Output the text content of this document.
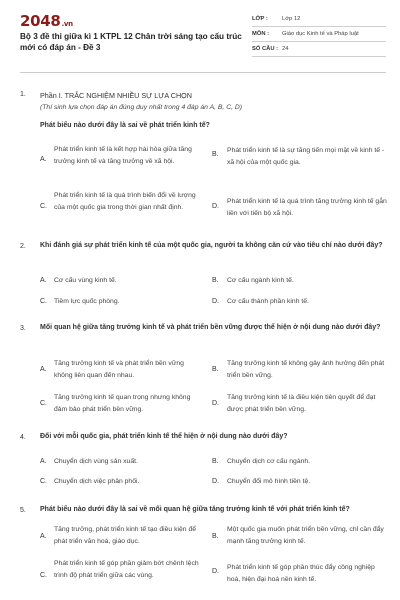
2048.vn
Bộ 3 đề thi giữa kì 1 KTPL 12 Chân trời sáng tạo cấu trúc mới có đáp án - Đề 3
LỚP :	Lớp 12
MÔN :	Giáo dục Kinh tế và Pháp luật
SỐ CÂU : 24
1. Phần I. TRẮC NGHIỆM NHIỀU SỰ LỰA CHỌN
(Thí sinh lựa chọn đáp án đúng duy nhất trong 4 đáp án A, B, C, D)
Phát biểu nào dưới đây là sai về phát triển kinh tế?
A.
Phát triển kinh tế là kết hợp hài hòa giữa tăng trưởng kinh tế và tăng trưởng về xã hội.
B.
Phát triển kinh tế là sự tăng tiến mọi mặt về kinh tế - xã hội của một quốc gia.
C.
Phát triển kinh tế là quá trình biến đổi về lượng của một quốc gia trong thời gian nhất định.	D.
Phát triển kinh tế là quá trình tăng trưởng kinh tế gắn liền với tiến bộ xã hội.
2. Khi đánh giá sự phát triển kinh tế của một quốc gia, người ta không căn cứ vào tiêu chí nào dưới đây?
A. Cơ cấu vùng kinh tế.	B. Cơ cấu ngành kinh tế.
C. Tiềm lực quốc phòng.	D. Cơ cấu thành phần kinh tế.
3. Mối quan hệ giữa tăng trưởng kinh tế và phát triển bền vững được thể hiện ở nội dung nào dưới đây?
A.
Tăng trưởng kinh tế và phát triển bền vững không liên quan đến nhau.
B.
Tăng trưởng kinh tế không gây ảnh hưởng đến phát triển bền vững.
C.
Tăng trưởng kinh tế quan trọng nhưng không đảm bảo phát triển bền vững.
D.
Tăng trưởng kinh tế là điều kiện tiên quyết để đạt được phát triển bền vững.
4. Đối với mỗi quốc gia, phát triển kinh tế thể hiện ở nội dung nào dưới đây?
A. Chuyển dịch vùng sản xuất.	B. Chuyển dịch cơ cấu ngành.
C. Chuyển dịch việc phân phối.	D. Chuyển đổi mô hình tiền tệ.
5. Phát biểu nào dưới đây là sai về mối quan hệ giữa tăng trưởng kinh tế với phát triển kinh tế?
A.
Tăng trưởng, phát triển kinh tế tạo điều kiện để phát triển văn hoá, giáo dục.
B.
Một quốc gia muốn phát triển bền vững, chỉ cần đẩy mạnh tăng trưởng kinh tế.
C.
Phát triển kinh tế góp phần giảm bớt chênh lệch trình độ phát triển giữa các vùng.	D.
Phát triển kinh tế góp phần thúc đẩy công nghiệp hoá, hiện đại hoá nền kinh tế.
